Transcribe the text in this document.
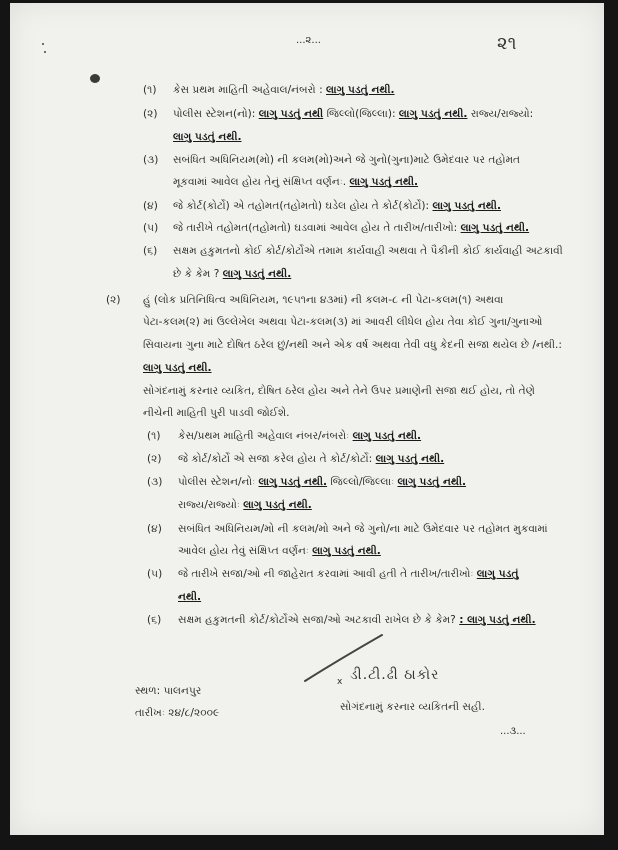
...૨...	૨૧
(૧) કેસ પ્રથમ માહિતી અહેવાલ/નંબરો : લાગુ પડતું નથી.
(૨) પોલીસ સ્ટેશન(નો): લાગુ પડતું નથી જિલ્લો(જિલ્લા): લાગુ પડતું નથી. રાજ્ય/રાજ્યો:
લાગુ પડતું નથી.
(૩) સબંધિત અધિનિયમ(મો) ની કલમ(મો)અને જે ગુનો(ગુના)માટે ઉમેદવાર પર તહોમત
મૂકવામાં આવેલ હોય તેનું સંક્ષિપ્ત વર્ણનઃ. લાગુ પડતું નથી.
(૪) જે કોર્ટ(કોર્ટો) એ તહોમત(તહોમતો) ઘડેલ હોય તે કોર્ટ(કોર્ટો): લાગુ પડતું નથી.
(૫) જે તારીખે તહોમત(તહોમતો) ઘડવામાં આવેલ હોય તે તારીખ/તારીખો: લાગુ પડતું નથી.
(૬) સક્ષમ હકુમતનો કોઈ કોર્ટ/કોર્ટોએ તમામ કાર્યવાહી અથવા તે પૈકીની કોઈ કાર્યવાહી અટકાવી
છે કે કેમ ? લાગુ પડતું નથી.
(૨) હું (લોક પ્રતિનિધિત્વ અધિનિયમ, ૧૯૫૧ના ૪૩માં) ની કલમ-૮ ની પેટા-કલમ(૧) અથવા
પેટા-કલમ(૨) માં ઉલ્લેખેલ અથવા પેટા-કલમ(૩) માં આવરી લીધેલ હોય તેવા કોઈ ગુના/ગુનાઓ
સિવાયના ગુના માટે દોષિત ઠરેલ છું/નથી અને એક વર્ષ અથવા તેવી વધુ કેદની સજા થયેલ છે /નથી.:
લાગુ પડતું નથી.
સોગંદનામું કરનાર વ્યકિત, દોષિત ઠરેલ હોય અને તેને ઉપર પ્રમાણેની સજા થઈ હોય, તો તેણે
નીચેની માહિતી પુરી પાડવી જોઈશે.
(૧) કેસ/પ્રથમ માહિતી અહેવાલ નંબર/નંબરોઃ લાગુ પડતું નથી.
(૨) જે કોર્ટ/કોર્ટો એ સજા કરેલ હોય તે કોર્ટ/કોર્ટો: લાગુ પડતું નથી.
(૩) પોલીસ સ્ટેશન/નોઃ લાગુ પડતું નથી. જિલ્લો/જિલ્લાઃ લાગુ પડતું નથી.
રાજ્ય/રાજ્યોઃ લાગુ પડતું નથી.
(૪) સબંધિત અધિનિયમ/મો ની કલમ/મો અને જે ગુનો/ના માટે ઉમેદવાર પર તહોમત મુકવામાં
આવેલ હોય તેવું સંક્ષિપ્ત વર્ણનઃ લાગુ પડતું નથી.
(૫) જે તારીખે સજા/ઓ ની જાહેરાત કરવામાં આવી હતી તે તારીખ/તારીખોઃ લાગુ પડતું
નથી.
(૬) સક્ષમ હકુમતની કોર્ટ/કોર્ટોએ સજા/ઓ અટકાવી રાખેલ છે કે કેમ? : લાગુ પડતું નથી.
x ડી.ટી.ઢી ઠાકોર
સોગંદનામું કરનાર વ્યકિતની સહી.
સ્થળ: પાલનપુર
તારીખઃ ૨૪/૮/૨૦૦૯
...૩...
